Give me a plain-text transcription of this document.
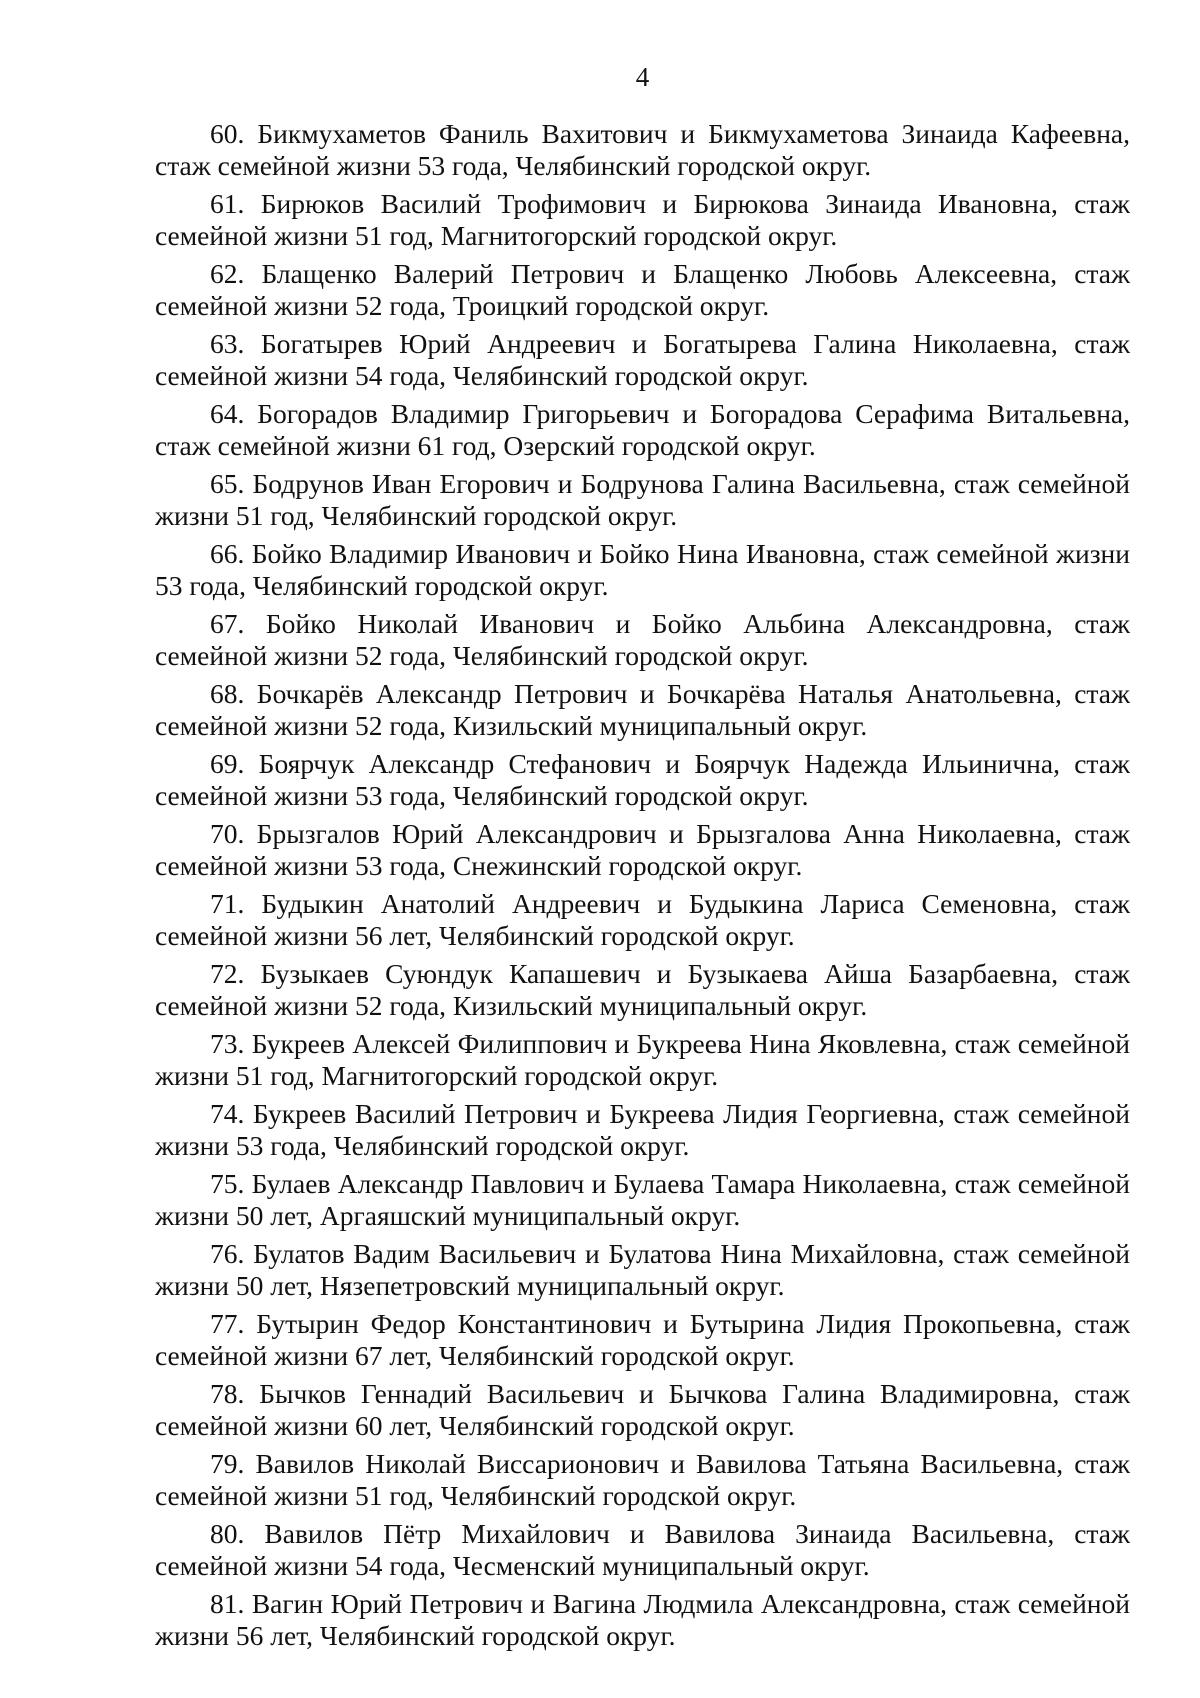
4

60. Бикмухаметов Фаниль Вахитович и Бикмухаметова Зинаида Кафеевна, стаж семейной жизни 53 года, Челябинский городской округ.

61. Бирюков Василий Трофимович и Бирюкова Зинаида Ивановна, стаж семейной жизни 51 год, Магнитогорский городской округ.

62. Блащенко Валерий Петрович и Блащенко Любовь Алексеевна, стаж семейной жизни 52 года, Троицкий городской округ.

63. Богатырев Юрий Андреевич и Богатырева Галина Николаевна, стаж семейной жизни 54 года, Челябинский городской округ.

64. Богорадов Владимир Григорьевич и Богорадова Серафима Витальевна, стаж семейной жизни 61 год, Озерский городской округ.

65. Бодрунов Иван Егорович и Бодрунова Галина Васильевна, стаж семейной жизни 51 год, Челябинский городской округ.

66. Бойко Владимир Иванович и Бойко Нина Ивановна, стаж семейной жизни 53 года, Челябинский городской округ.

67. Бойко Николай Иванович и Бойко Альбина Александровна, стаж семейной жизни 52 года, Челябинский городской округ.

68. Бочкарёв Александр Петрович и Бочкарёва Наталья Анатольевна, стаж семейной жизни 52 года, Кизильский муниципальный округ.

69. Боярчук Александр Стефанович и Боярчук Надежда Ильинична, стаж семейной жизни 53 года, Челябинский городской округ.

70. Брызгалов Юрий Александрович и Брызгалова Анна Николаевна, стаж семейной жизни 53 года, Снежинский городской округ.

71. Будыкин Анатолий Андреевич и Будыкина Лариса Семеновна, стаж семейной жизни 56 лет, Челябинский городской округ.

72. Бузыкаев Суюндук Капашевич и Бузыкаева Айша Базарбаевна, стаж семейной жизни 52 года, Кизильский муниципальный округ.

73. Букреев Алексей Филиппович и Букреева Нина Яковлевна, стаж семейной жизни 51 год, Магнитогорский городской округ.

74. Букреев Василий Петрович и Букреева Лидия Георгиевна, стаж семейной жизни 53 года, Челябинский городской округ.

75. Булаев Александр Павлович и Булаева Тамара Николаевна, стаж семейной жизни 50 лет, Аргаяшский муниципальный округ.

76. Булатов Вадим Васильевич и Булатова Нина Михайловна, стаж семейной жизни 50 лет, Нязепетровский муниципальный округ.

77. Бутырин Федор Константинович и Бутырина Лидия Прокопьевна, стаж семейной жизни 67 лет, Челябинский городской округ.

78. Бычков Геннадий Васильевич и Бычкова Галина Владимировна, стаж семейной жизни 60 лет, Челябинский городской округ.

79. Вавилов Николай Виссарионович и Вавилова Татьяна Васильевна, стаж семейной жизни 51 год, Челябинский городской округ.

80. Вавилов Пётр Михайлович и Вавилова Зинаида Васильевна, стаж семейной жизни 54 года, Чесменский муниципальный округ.

81. Вагин Юрий Петрович и Вагина Людмила Александровна, стаж семейной жизни 56 лет, Челябинский городской округ.
